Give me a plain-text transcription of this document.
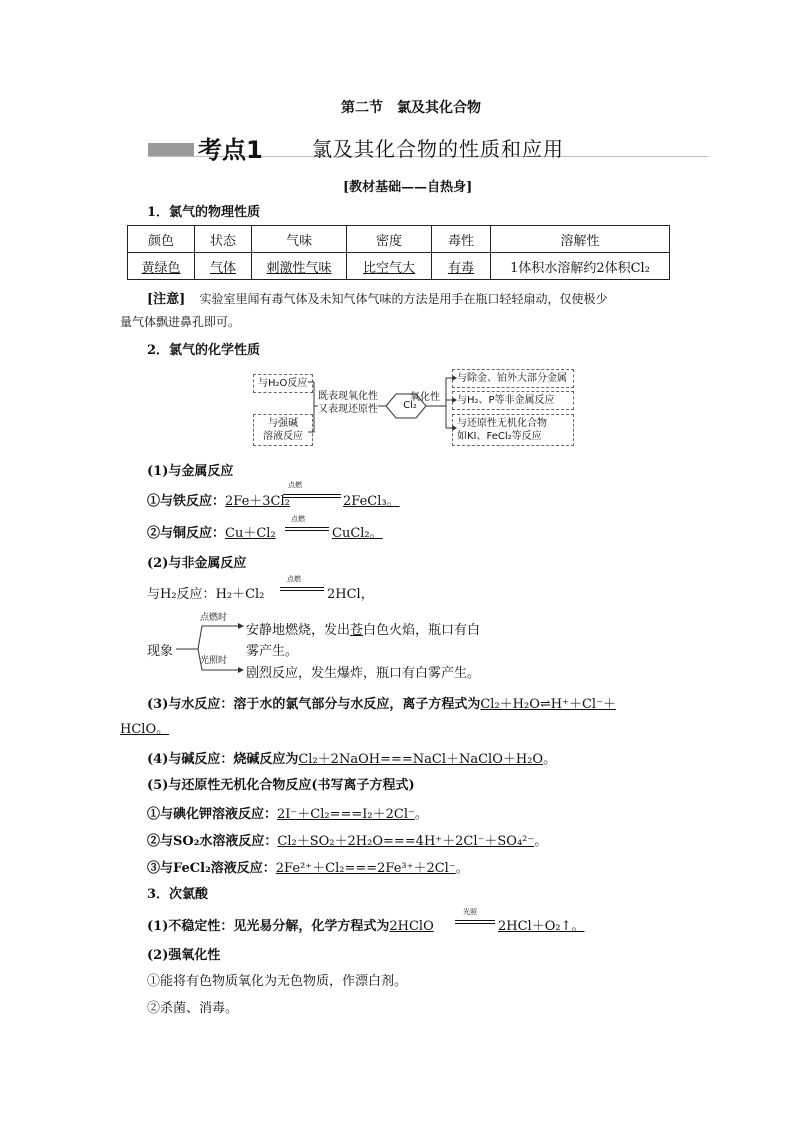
第二节　氯及其化合物
考点1 氯及其化合物的性质和应用
[教材基础——自热身]
1．氯气的物理性质
颜色	状态	气味	密度	毒性	溶解性
黄绿色	气体	刺激性气味	比空气大	有毒	1体积水溶解约2体积Cl₂
[注意] 实验室里闻有毒气体及未知气体气味的方法是用手在瓶口轻轻扇动，仅使极少
量气体飘进鼻孔即可。
2．氯气的化学性质
与H₂O反应
与强碱
溶液反应
既表现氧化性
又表现还原性	Cl₂
氧化性
与除金、铂外大部分金属
与H₂、P等非金属反应
与还原性无机化合物
如KI、FeCl₂等反应
(1)与金属反应
①与铁反应：2Fe＋3Cl₂
点燃
2FeCl₃。
②与铜反应：Cu＋Cl₂
点燃
CuCl₂。
(2)与非金属反应
与H₂反应：H₂＋Cl₂
点燃
2HCl，
现象
点燃时
光照时
安静地燃烧，发出苍白色火焰，瓶口有白
雾产生。
剧烈反应，发生爆炸，瓶口有白雾产生。
(3)与水反应：溶于水的氯气部分与水反应，离子方程式为Cl₂＋H₂O⇌H⁺＋Cl⁻＋
HClO。
(4)与碱反应：烧碱反应为Cl₂＋2NaOH===NaCl＋NaClO＋H₂O。
(5)与还原性无机化合物反应(书写离子方程式)
①与碘化钾溶液反应：2I⁻＋Cl₂===I₂＋2Cl⁻。
②与SO₂水溶液反应：Cl₂＋SO₂＋2H₂O===4H⁺＋2Cl⁻＋SO₄²⁻。
③与FeCl₂溶液反应：2Fe²⁺＋Cl₂===2Fe³⁺＋2Cl⁻。
3．次氯酸
(1)不稳定性：见光易分解，化学方程式为2HClO
光照
2HCl＋O₂↑。
(2)强氧化性
①能将有色物质氧化为无色物质，作漂白剂。
②杀菌、消毒。
